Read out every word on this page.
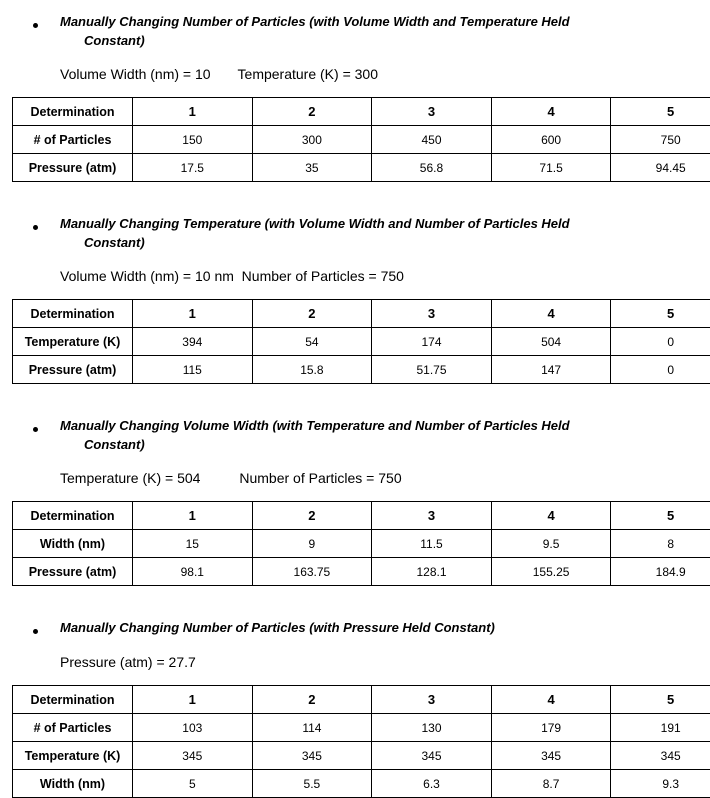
Manually Changing Number of Particles (with Volume Width and Temperature Held
Constant)
Volume Width (nm) = 10       Temperature (K) = 300
Determination	1	2	3	4	5
# of Particles	150	300	450	600	750
Pressure (atm)	17.5	35	56.8	71.5	94.45
Manually Changing Temperature (with Volume Width and Number of Particles Held
Constant)
Volume Width (nm) = 10 nm  Number of Particles = 750
Determination	1	2	3	4	5
Temperature (K)	394	54	174	504	0
Pressure (atm)	115	15.8	51.75	147	0
Manually Changing Volume Width (with Temperature and Number of Particles Held
Constant)
Temperature (K) = 504          Number of Particles = 750
Determination	1	2	3	4	5
Width (nm)	15	9	11.5	9.5	8
Pressure (atm)	98.1	163.75	128.1	155.25	184.9
Manually Changing Number of Particles (with Pressure Held Constant)
Pressure (atm) = 27.7
Determination	1	2	3	4	5
# of Particles	103	114	130	179	191
Temperature (K)	345	345	345	345	345
Width (nm)	5	5.5	6.3	8.7	9.3
